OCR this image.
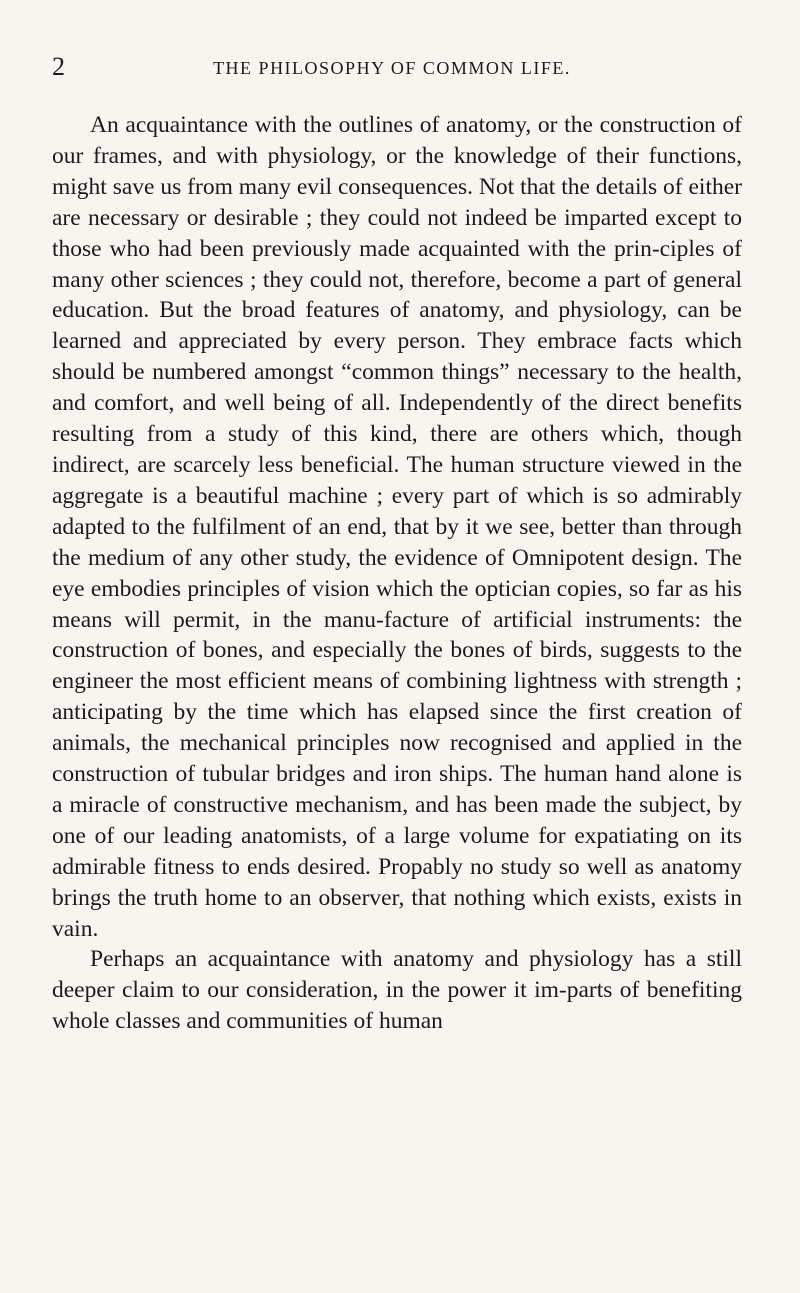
2	THE PHILOSOPHY OF COMMON LIFE.

An acquaintance with the outlines of anatomy, or the construction of our frames, and with physiology, or the knowledge of their functions, might save us from many evil consequences. Not that the details of either are necessary or desirable ; they could not indeed be imparted except to those who had been previously made acquainted with the prin-ciples of many other sciences ; they could not, therefore, become a part of general education. But the broad features of anatomy, and physiology, can be learned and appreciated by every person. They embrace facts which should be numbered amongst “common things” necessary to the health, and comfort, and well being of all. Independently of the direct benefits resulting from a study of this kind, there are others which, though indirect, are scarcely less beneficial. The human structure viewed in the aggregate is a beautiful machine ; every part of which is so admirably adapted to the fulfilment of an end, that by it we see, better than through the medium of any other study, the evidence of Omnipotent design. The eye embodies principles of vision which the optician copies, so far as his means will permit, in the manu-facture of artificial instruments: the construction of bones, and especially the bones of birds, suggests to the engineer the most efficient means of combining lightness with strength ; anticipating by the time which has elapsed since the first creation of animals, the mechanical principles now recognised and applied in the construction of tubular bridges and iron ships. The human hand alone is a miracle of constructive mechanism, and has been made the subject, by one of our leading anatomists, of a large volume for expatiating on its admirable fitness to ends desired. Propably no study so well as anatomy brings the truth home to an observer, that nothing which exists, exists in vain.

Perhaps an acquaintance with anatomy and physiology has a still deeper claim to our consideration, in the power it im-parts of benefiting whole classes and communities of human
